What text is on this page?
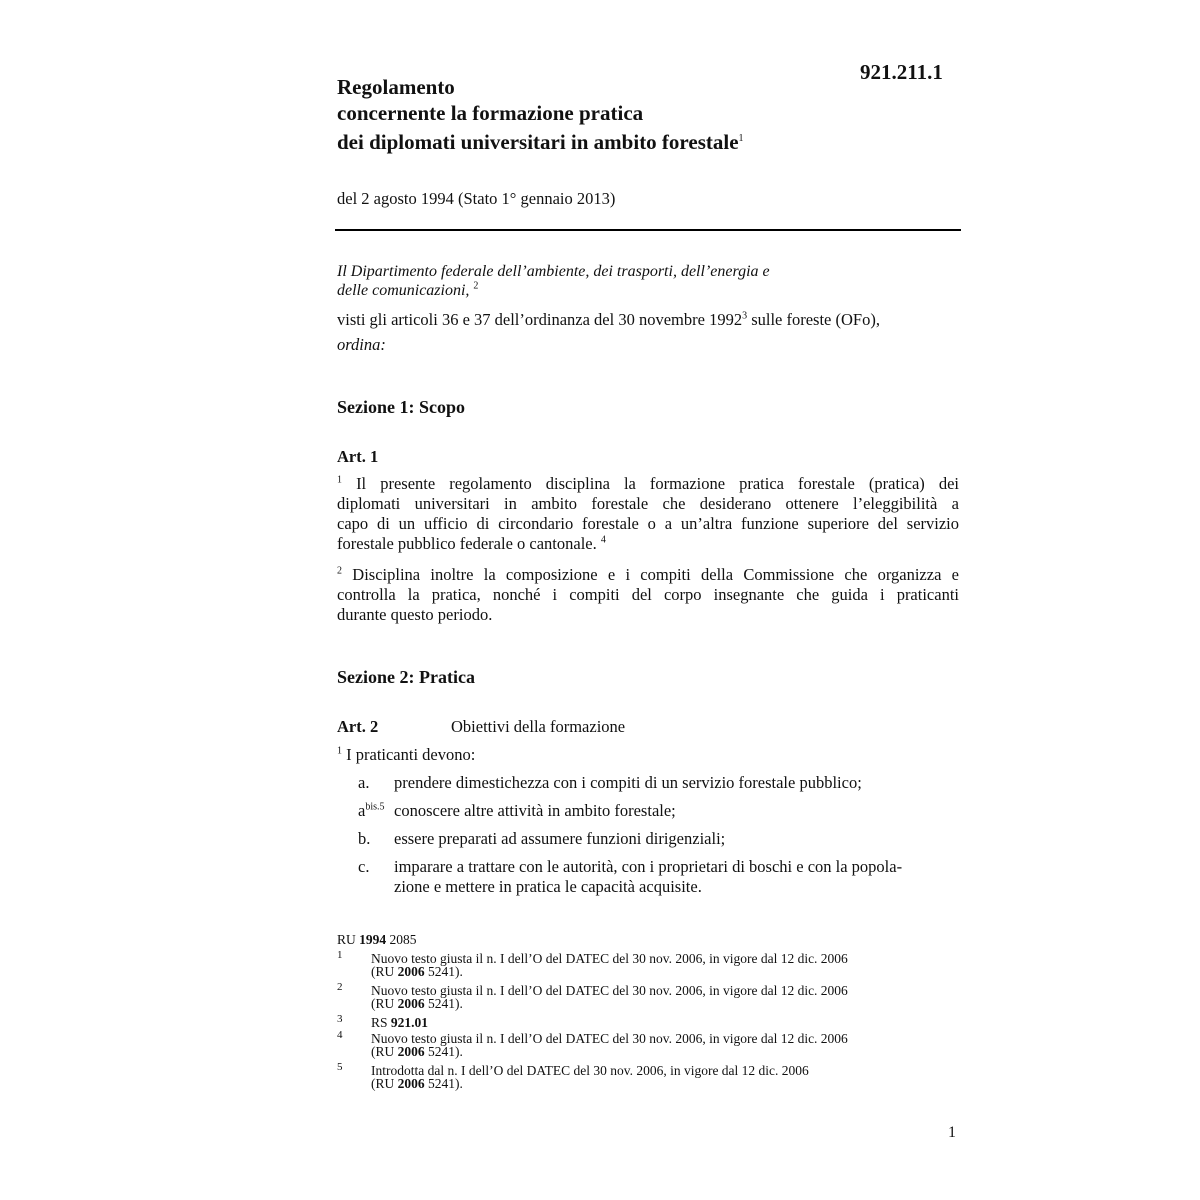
921.211.1
Regolamento
concernente la formazione pratica
dei diplomati universitari in ambito forestale$^1$
del 2 agosto 1994 (Stato 1° gennaio 2013)
Il Dipartimento federale dell’ambiente, dei trasporti, dell’energia e
delle comunicazioni, $^2$
visti gli articoli 36 e 37 dell’ordinanza del 30 novembre 1992$^3$ sulle foreste (OFo),
ordina:
Sezione 1: Scopo
Art. 1
$^1$ Il presente regolamento disciplina la formazione pratica forestale (pratica) dei
diplomati universitari in ambito forestale che desiderano ottenere l’eleggibilità a
capo di un ufficio di circondario forestale o a un’altra funzione superiore del servizio
forestale pubblico federale o cantonale. $^4$
$^2$ Disciplina inoltre la composizione e i compiti della Commissione che organizza e
controlla la pratica, nonché i compiti del corpo insegnante che guida i praticanti
durante questo periodo.
Sezione 2: Pratica
Art. 2	Obiettivi della formazione
$^1$ I praticanti devono:
a. prendere dimestichezza con i compiti di un servizio forestale pubblico;
$a^{bis.5}$ conoscere altre attività in ambito forestale;
b. essere preparati ad assumere funzioni dirigenziali;
c. imparare a trattare con le autorità, con i proprietari di boschi e con la popola-
zione e mettere in pratica le capacità acquisite.
RU 1994 2085
1 Nuovo testo giusta il n. I dell’O del DATEC del 30 nov. 2006, in vigore dal 12 dic. 2006
(RU 2006 5241).
2 Nuovo testo giusta il n. I dell’O del DATEC del 30 nov. 2006, in vigore dal 12 dic. 2006
(RU 2006 5241).
3 RS 921.01
4 Nuovo testo giusta il n. I dell’O del DATEC del 30 nov. 2006, in vigore dal 12 dic. 2006
(RU 2006 5241).
5 Introdotta dal n. I dell’O del DATEC del 30 nov. 2006, in vigore dal 12 dic. 2006
(RU 2006 5241).
1
